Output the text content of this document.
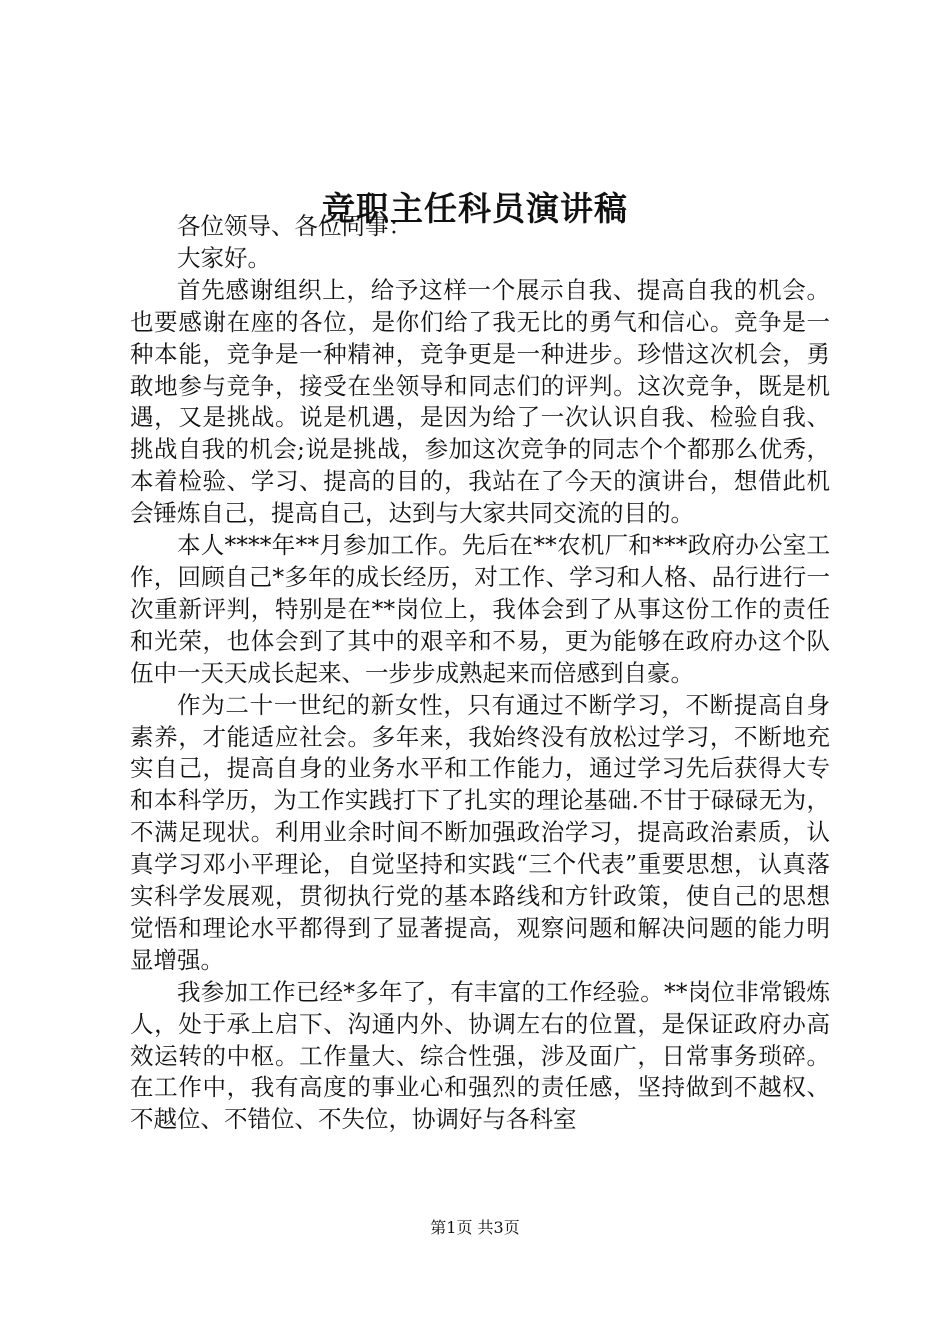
竞职主任科员演讲稿

各位领导、各位同事：

大家好。

首先感谢组织上，给予这样一个展示自我、提高自我的机会。也要感谢在座的各位，是你们给了我无比的勇气和信心。竞争是一种本能，竞争是一种精神，竞争更是一种进步。珍惜这次机会，勇敢地参与竞争，接受在坐领导和同志们的评判。这次竞争，既是机遇，又是挑战。说是机遇，是因为给了一次认识自我、检验自我、挑战自我的机会;说是挑战，参加这次竞争的同志个个都那么优秀，本着检验、学习、提高的目的，我站在了今天的演讲台，想借此机会锤炼自己，提高自己，达到与大家共同交流的目的。

本人****年**月参加工作。先后在**农机厂和***政府办公室工作，回顾自己*多年的成长经历，对工作、学习和人格、品行进行一次重新评判，特别是在**岗位上，我体会到了从事这份工作的责任和光荣，也体会到了其中的艰辛和不易，更为能够在政府办这个队伍中一天天成长起来、一步步成熟起来而倍感到自豪。

作为二十一世纪的新女性，只有通过不断学习，不断提高自身素养，才能适应社会。多年来，我始终没有放松过学习，不断地充实自己，提高自身的业务水平和工作能力，通过学习先后获得大专和本科学历，为工作实践打下了扎实的理论基础.不甘于碌碌无为，不满足现状。利用业余时间不断加强政治学习，提高政治素质，认真学习邓小平理论，自觉坚持和实践“三个代表”重要思想，认真落实科学发展观，贯彻执行党的基本路线和方针政策，使自己的思想觉悟和理论水平都得到了显著提高，观察问题和解决问题的能力明显增强。

我参加工作已经*多年了，有丰富的工作经验。**岗位非常锻炼人，处于承上启下、沟通内外、协调左右的位置，是保证政府办高效运转的中枢。工作量大、综合性强，涉及面广，日常事务琐碎。在工作中，我有高度的事业心和强烈的责任感，坚持做到不越权、不越位、不错位、不失位，协调好与各科室

第1页 共3页
